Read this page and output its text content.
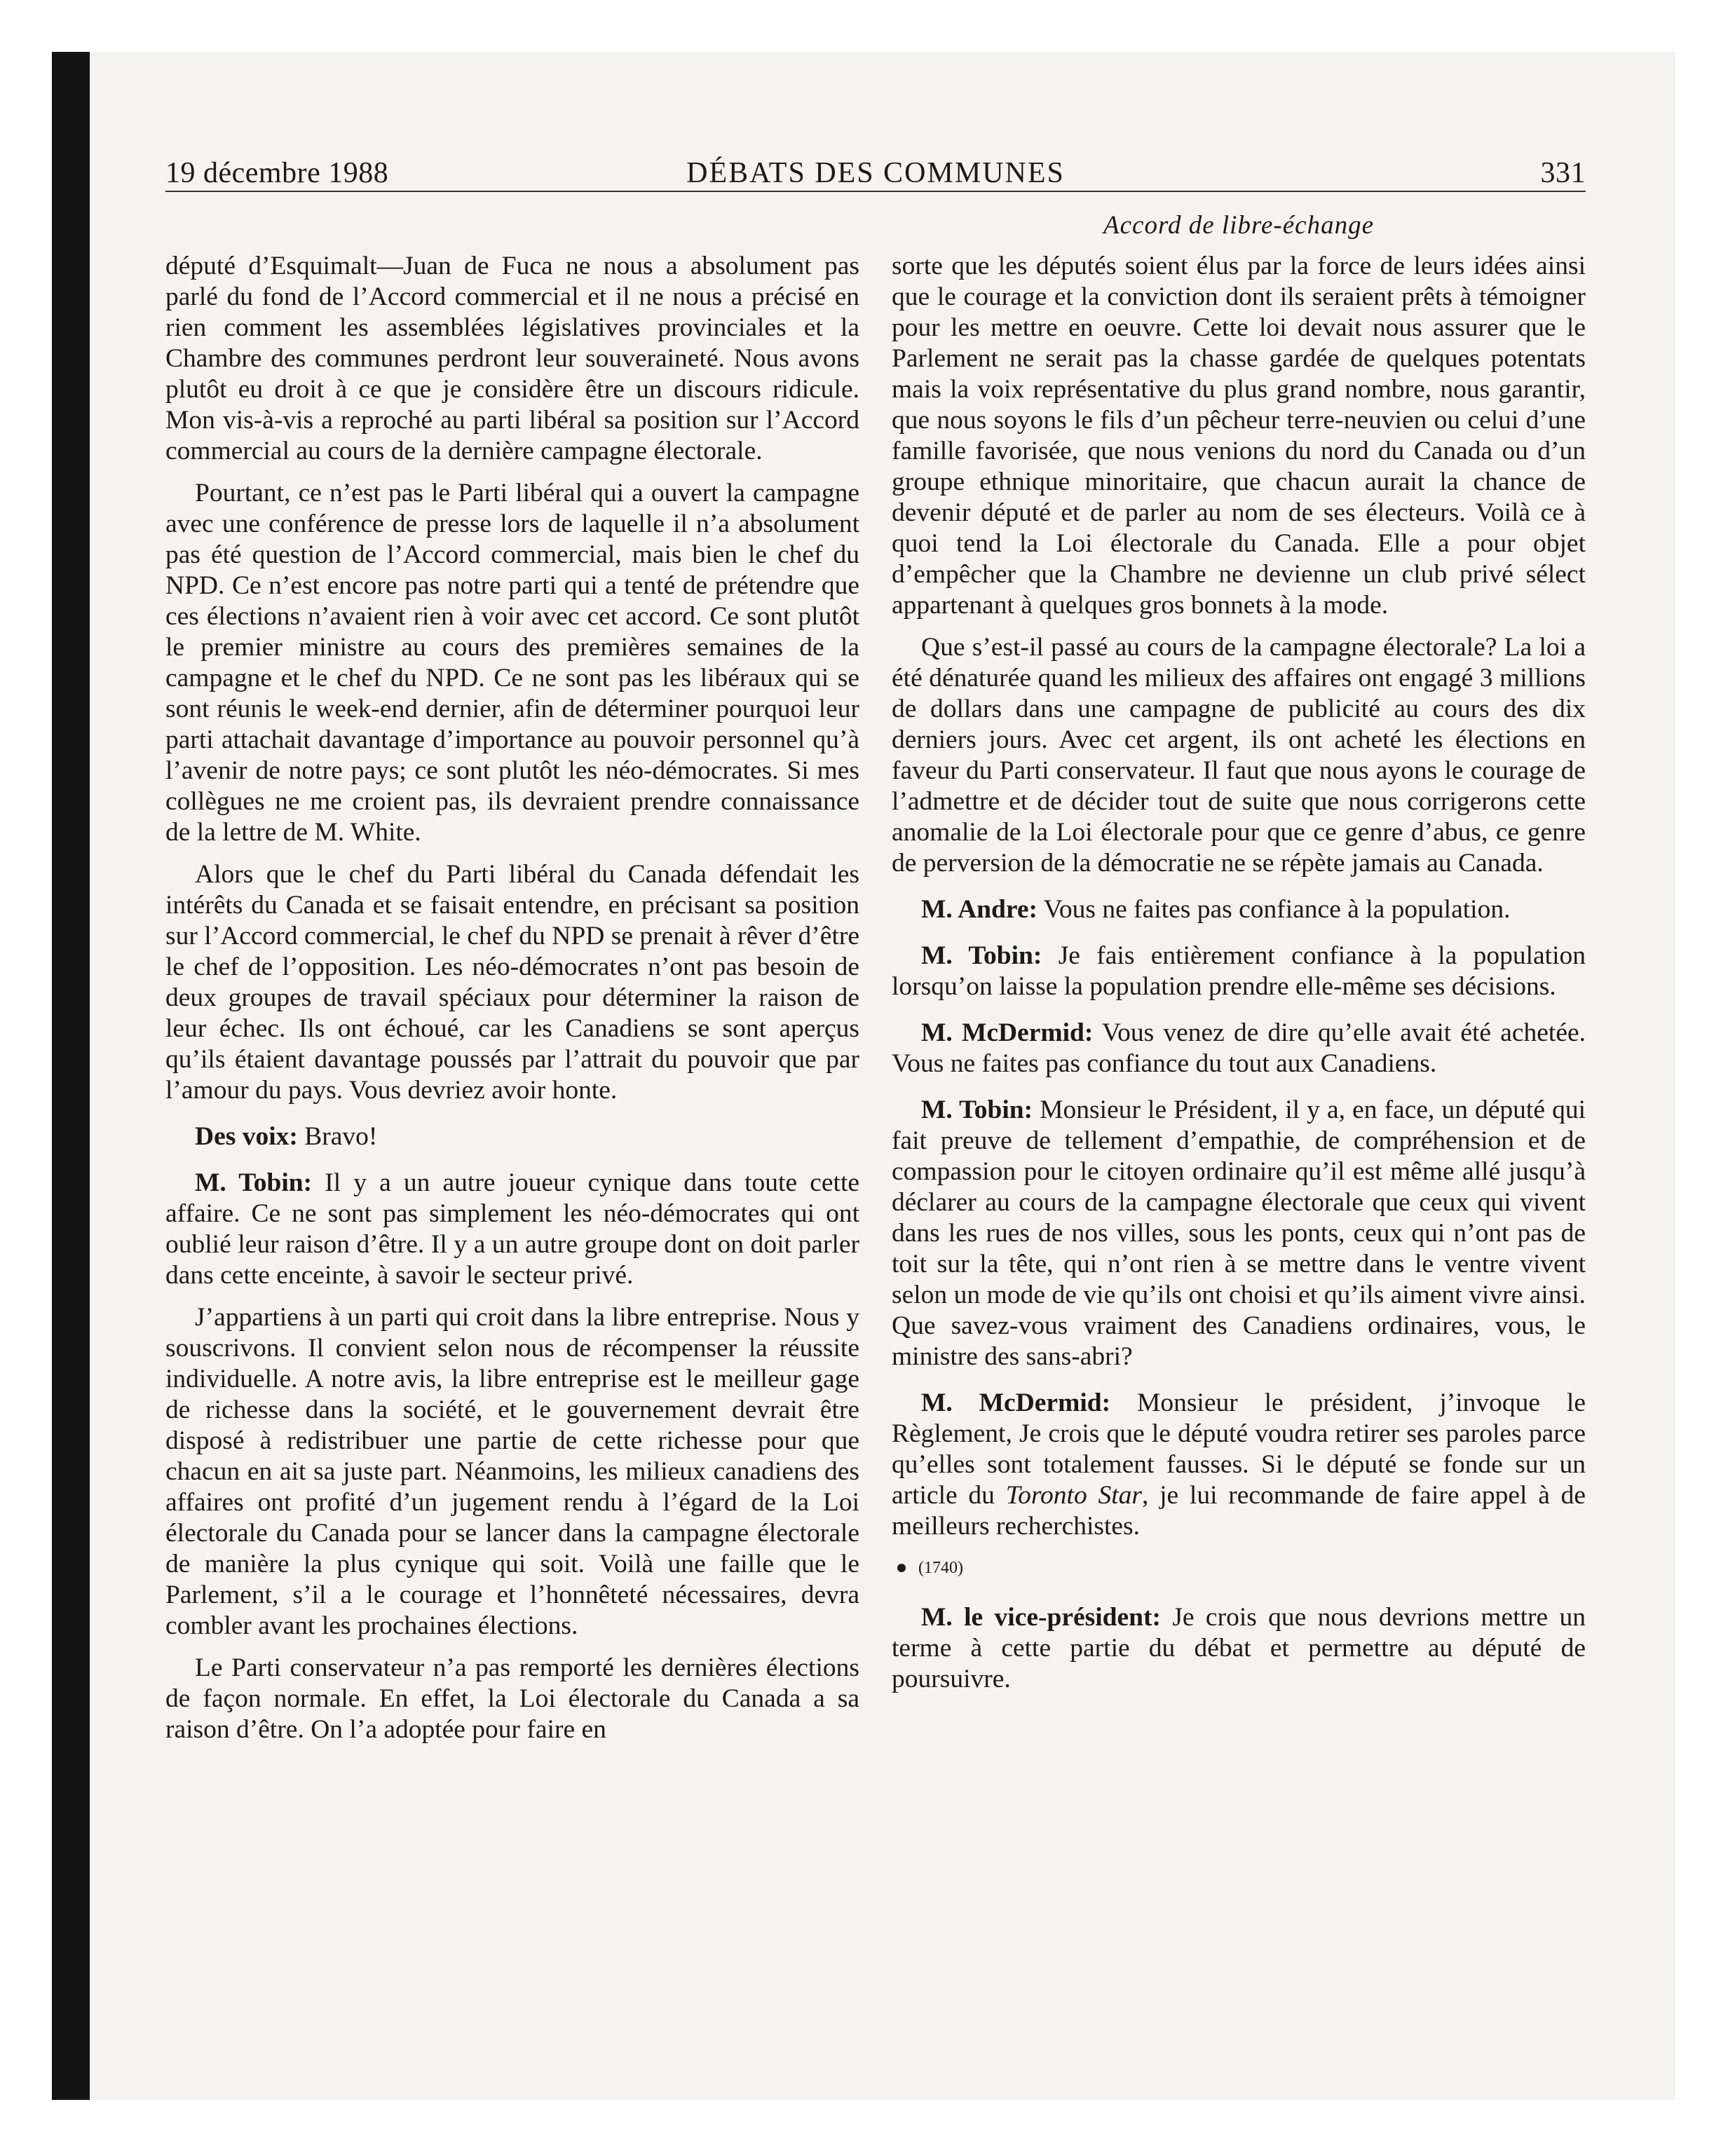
19 décembre 1988	DÉBATS DES COMMUNES	331
Accord de libre-échange

député d’Esquimalt—Juan de Fuca ne nous a absolument pas parlé du fond de l’Accord commercial et il ne nous a précisé en rien comment les assemblées législatives provinciales et la Chambre des communes perdront leur souveraineté. Nous avons plutôt eu droit à ce que je considère être un discours ridicule. Mon vis-à-vis a reproché au parti libéral sa position sur l’Accord commercial au cours de la dernière campagne électorale.

Pourtant, ce n’est pas le Parti libéral qui a ouvert la campagne avec une conférence de presse lors de laquelle il n’a absolument pas été question de l’Accord commercial, mais bien le chef du NPD. Ce n’est encore pas notre parti qui a tenté de prétendre que ces élections n’avaient rien à voir avec cet accord. Ce sont plutôt le premier ministre au cours des premières semaines de la campagne et le chef du NPD. Ce ne sont pas les libéraux qui se sont réunis le week-end dernier, afin de déterminer pourquoi leur parti attachait davantage d’importance au pouvoir personnel qu’à l’avenir de notre pays; ce sont plutôt les néo-démocrates. Si mes collègues ne me croient pas, ils devraient prendre connaissance de la lettre de M. White.

Alors que le chef du Parti libéral du Canada défendait les intérêts du Canada et se faisait entendre, en précisant sa position sur l’Accord commercial, le chef du NPD se prenait à rêver d’être le chef de l’opposition. Les néo-démocrates n’ont pas besoin de deux groupes de travail spéciaux pour déterminer la raison de leur échec. Ils ont échoué, car les Canadiens se sont aperçus qu’ils étaient davantage poussés par l’attrait du pouvoir que par l’amour du pays. Vous devriez avoir honte.

Des voix: Bravo!

M. Tobin: Il y a un autre joueur cynique dans toute cette affaire. Ce ne sont pas simplement les néo-démocrates qui ont oublié leur raison d’être. Il y a un autre groupe dont on doit parler dans cette enceinte, à savoir le secteur privé.

J’appartiens à un parti qui croit dans la libre entreprise. Nous y souscrivons. Il convient selon nous de récompenser la réussite individuelle. A notre avis, la libre entreprise est le meilleur gage de richesse dans la société, et le gouvernement devrait être disposé à redistribuer une partie de cette richesse pour que chacun en ait sa juste part. Néanmoins, les milieux canadiens des affaires ont profité d’un jugement rendu à l’égard de la Loi électorale du Canada pour se lancer dans la campagne électorale de manière la plus cynique qui soit. Voilà une faille que le Parlement, s’il a le courage et l’honnêteté nécessaires, devra combler avant les prochaines élections.

Le Parti conservateur n’a pas remporté les dernières élections de façon normale. En effet, la Loi électorale du Canada a sa raison d’être. On l’a adoptée pour faire en

sorte que les députés soient élus par la force de leurs idées ainsi que le courage et la conviction dont ils seraient prêts à témoigner pour les mettre en oeuvre. Cette loi devait nous assurer que le Parlement ne serait pas la chasse gardée de quelques potentats mais la voix représentative du plus grand nombre, nous garantir, que nous soyons le fils d’un pêcheur terre-neuvien ou celui d’une famille favorisée, que nous venions du nord du Canada ou d’un groupe ethnique minoritaire, que chacun aurait la chance de devenir député et de parler au nom de ses électeurs. Voilà ce à quoi tend la Loi électorale du Canada. Elle a pour objet d’empêcher que la Chambre ne devienne un club privé sélect appartenant à quelques gros bonnets à la mode.

Que s’est-il passé au cours de la campagne électorale? La loi a été dénaturée quand les milieux des affaires ont engagé 3 millions de dollars dans une campagne de publicité au cours des dix derniers jours. Avec cet argent, ils ont acheté les élections en faveur du Parti conservateur. Il faut que nous ayons le courage de l’admettre et de décider tout de suite que nous corrigerons cette anomalie de la Loi électorale pour que ce genre d’abus, ce genre de perversion de la démocratie ne se répète jamais au Canada.

M. Andre: Vous ne faites pas confiance à la population.

M. Tobin: Je fais entièrement confiance à la population lorsqu’on laisse la population prendre elle-même ses décisions.

M. McDermid: Vous venez de dire qu’elle avait été achetée. Vous ne faites pas confiance du tout aux Canadiens.

M. Tobin: Monsieur le Président, il y a, en face, un député qui fait preuve de tellement d’empathie, de compréhension et de compassion pour le citoyen ordinaire qu’il est même allé jusqu’à déclarer au cours de la campagne électorale que ceux qui vivent dans les rues de nos villes, sous les ponts, ceux qui n’ont pas de toit sur la tête, qui n’ont rien à se mettre dans le ventre vivent selon un mode de vie qu’ils ont choisi et qu’ils aiment vivre ainsi. Que savez-vous vraiment des Canadiens ordinaires, vous, le ministre des sans-abri?

M. McDermid: Monsieur le président, j’invoque le Règlement, Je crois que le député voudra retirer ses paroles parce qu’elles sont totalement fausses. Si le député se fonde sur un article du Toronto Star, je lui recommande de faire appel à de meilleurs recherchistes.

(1740)

M. le vice-président: Je crois que nous devrions mettre un terme à cette partie du débat et permettre au député de poursuivre.
